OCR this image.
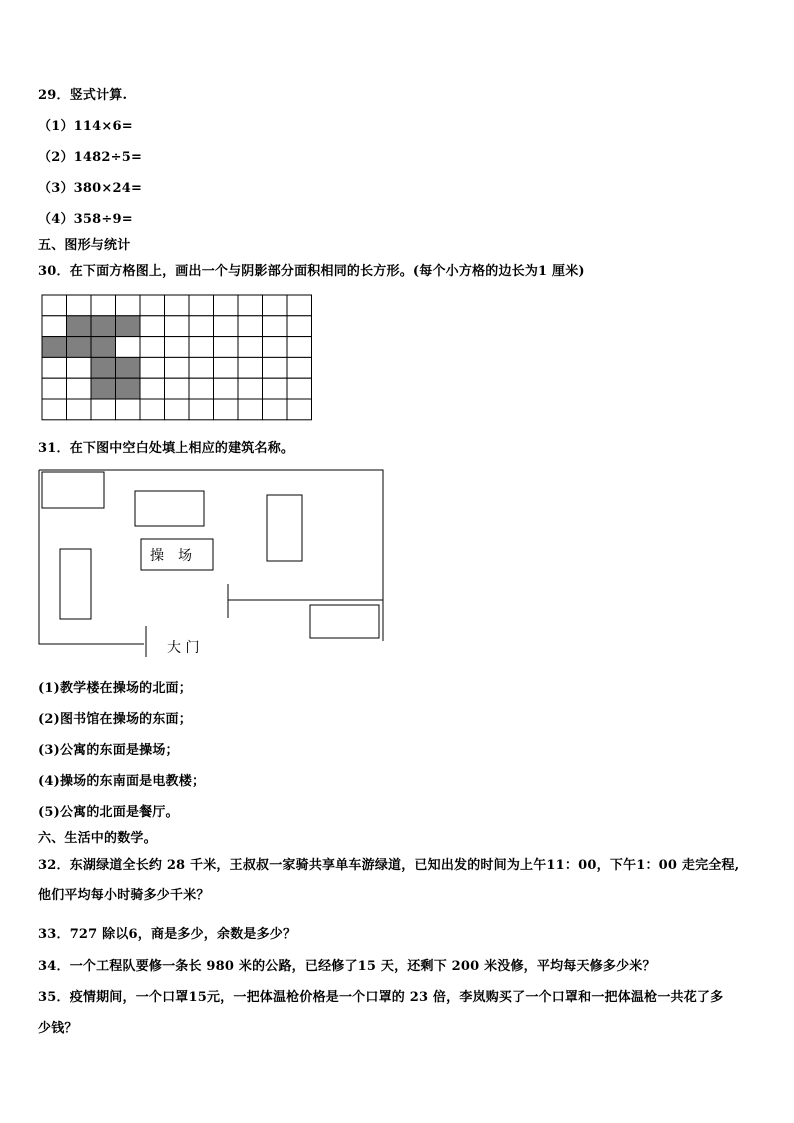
29．竖式计算.
（1）114×6=
（2）1482÷5=
（3）380×24=
（4）358÷9=
五、图形与统计
30．在下面方格图上，画出一个与阴影部分面积相同的长方形。(每个小方格的边长为1 厘米)
31．在下图中空白处填上相应的建筑名称。
操　场
大 门
(1)教学楼在操场的北面；
(2)图书馆在操场的东面；
(3)公寓的东面是操场；
(4)操场的东南面是电教楼；
(5)公寓的北面是餐厅。
六、生活中的数学。
32．东湖绿道全长约 28 千米，王叔叔一家骑共享单车游绿道，已知出发的时间为上午11：00，下午1：00 走完全程,
他们平均每小时骑多少千米？
33．727 除以6，商是多少，余数是多少？
34．一个工程队要修一条长 980 米的公路，已经修了15 天，还剩下 200 米没修，平均每天修多少米？
35．疫情期间，一个口罩15元，一把体温枪价格是一个口罩的 23 倍，李岚购买了一个口罩和一把体温枪一共花了多
少钱？
